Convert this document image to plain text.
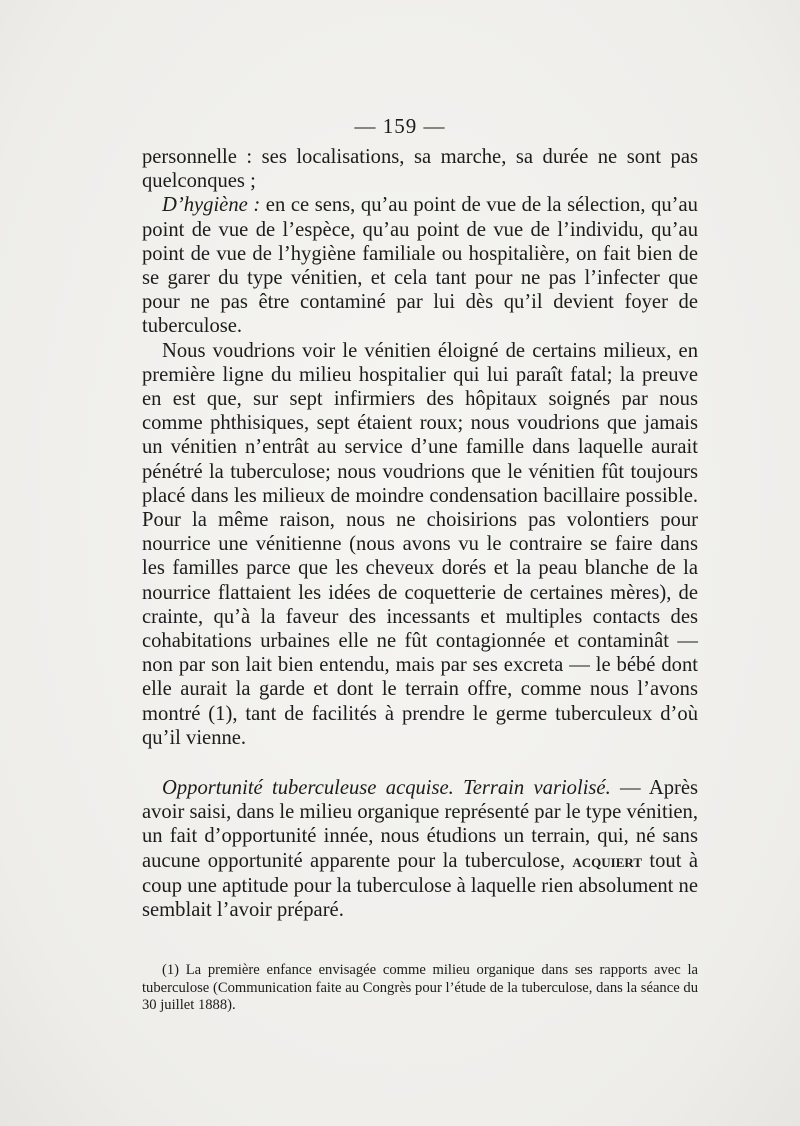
— 159 —

personnelle : ses localisations, sa marche, sa durée ne sont pas quelconques ;

D’hygiène : en ce sens, qu’au point de vue de la sélection, qu’au point de vue de l’espèce, qu’au point de vue de l’individu, qu’au point de vue de l’hygiène familiale ou hospitalière, on fait bien de se garer du type vénitien, et cela tant pour ne pas l’infecter que pour ne pas être contaminé par lui dès qu’il devient foyer de tuberculose.

Nous voudrions voir le vénitien éloigné de certains milieux, en première ligne du milieu hospitalier qui lui paraît fatal; la preuve en est que, sur sept infirmiers des hôpitaux soignés par nous comme phthisiques, sept étaient roux; nous voudrions que jamais un vénitien n’entrât au service d’une famille dans laquelle aurait pénétré la tuberculose; nous voudrions que le vénitien fût toujours placé dans les milieux de moindre condensation bacillaire possible. Pour la même raison, nous ne choisirions pas volontiers pour nourrice une vénitienne (nous avons vu le contraire se faire dans les familles parce que les cheveux dorés et la peau blanche de la nourrice flattaient les idées de coquetterie de certaines mères), de crainte, qu’à la faveur des incessants et multiples contacts des cohabitations urbaines elle ne fût contagionnée et contaminât — non par son lait bien entendu, mais par ses excreta — le bébé dont elle aurait la garde et dont le terrain offre, comme nous l’avons montré (1), tant de facilités à prendre le germe tuberculeux d’où qu’il vienne.

Opportunité tuberculeuse acquise. Terrain variolisé. — Après avoir saisi, dans le milieu organique représenté par le type vénitien, un fait d’opportunité innée, nous étudions un terrain, qui, né sans aucune opportunité apparente pour la tuberculose, acquiert tout à coup une aptitude pour la tuberculose à laquelle rien absolument ne semblait l’avoir préparé.

(1) La première enfance envisagée comme milieu organique dans ses rapports avec la tuberculose (Communication faite au Congrès pour l’étude de la tuberculose, dans la séance du 30 juillet 1888).
